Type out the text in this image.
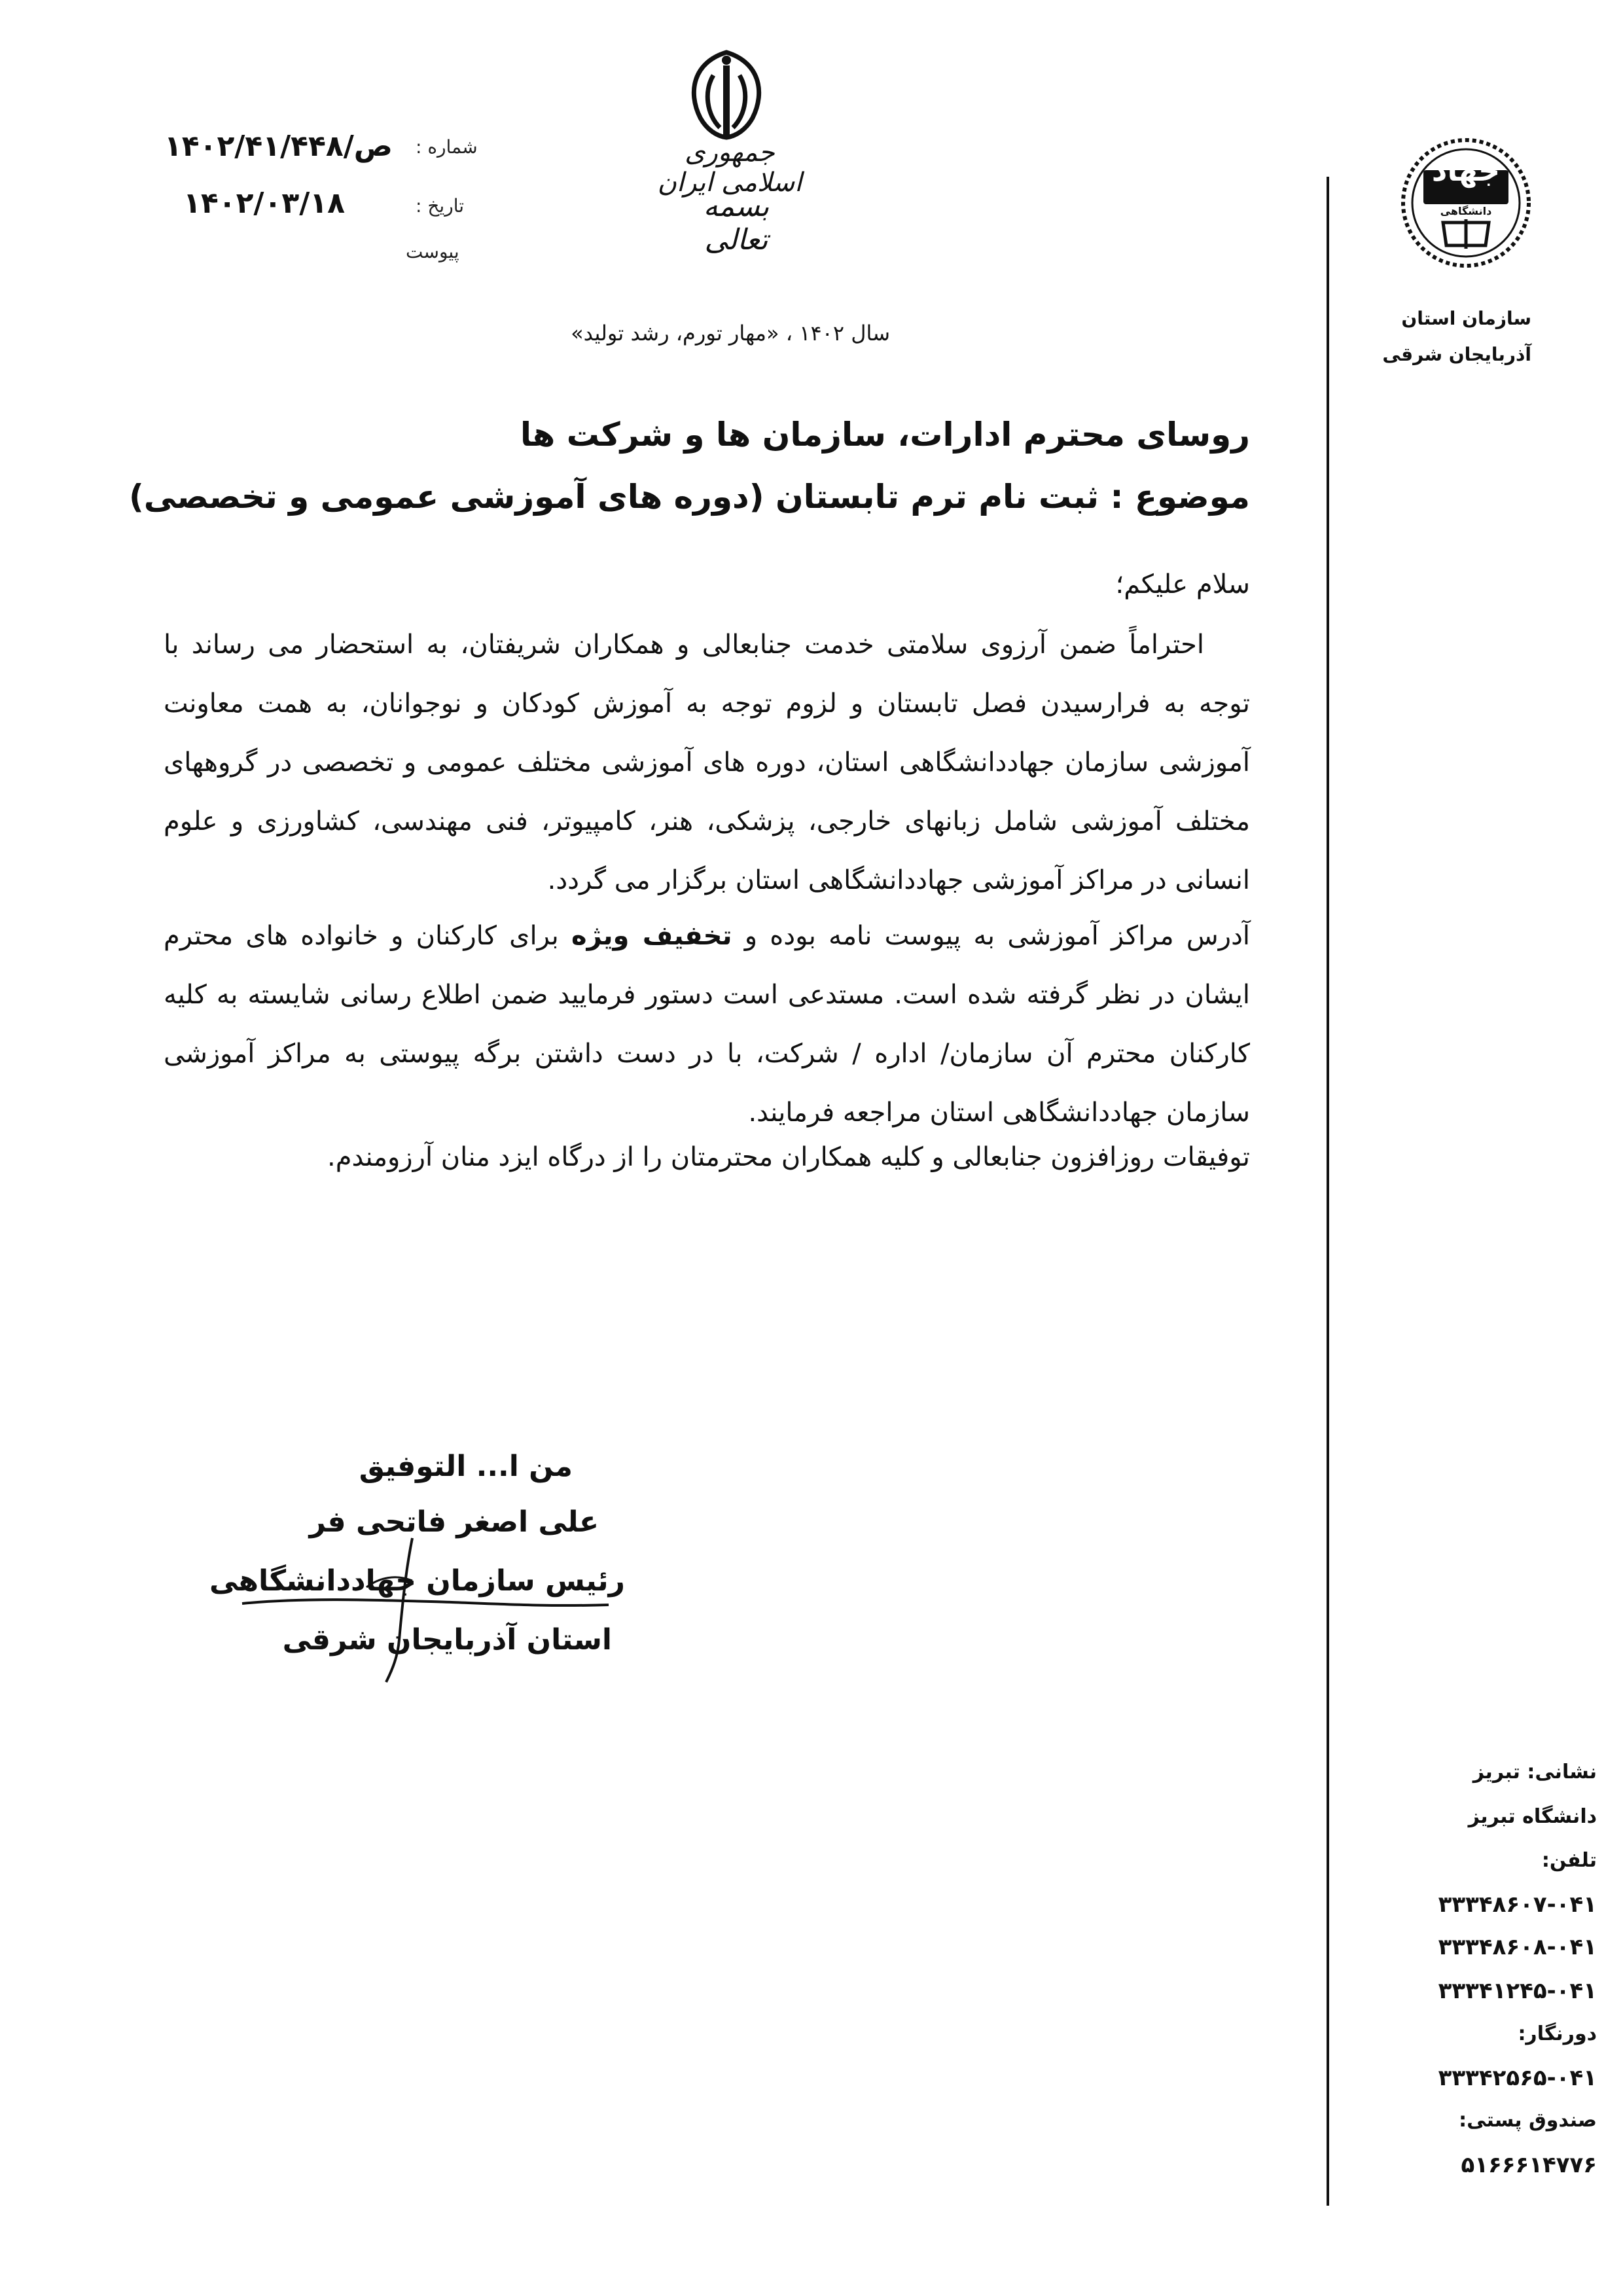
جمهوری اسلامی ایران
بسمه تعالی
شماره :
۱۴۰۲/۴۱/۴۴۸/ص
تاریخ :
۱۴۰۲/۰۳/۱۸
پیوست
سال ۱۴۰۲ ، «مهار تورم، رشد تولید»
جهاد
دانشگاهی
سازمان استان
آذربایجان شرقی
نشانی: تبریز
دانشگاه تبریز
تلفن:
۳۳۳۴۸۶۰۷-۰۴۱
۳۳۳۴۸۶۰۸-۰۴۱
۳۳۳۴۱۲۴۵-۰۴۱
دورنگار:
۳۳۳۴۲۵۶۵-۰۴۱
صندوق پستی:
۵۱۶۶۶۱۴۷۷۶
روسای محترم ادارات، سازمان ها و شرکت ها
موضوع : ثبت نام ترم تابستان (دوره های آموزشی عمومی و تخصصی)
سلام علیکم؛
احتراماً ضمن آرزوی سلامتی خدمت جنابعالی و همکاران شریفتان، به استحضار می رساند با توجه به فرارسیدن فصل تابستان و لزوم توجه به آموزش کودکان و نوجوانان، به همت معاونت آموزشی سازمان جهاددانشگاهی استان، دوره های آموزشی مختلف عمومی و تخصصی در گروههای مختلف آموزشی شامل زبانهای خارجی، پزشکی، هنر، کامپیوتر، فنی مهندسی، کشاورزی و علوم انسانی در مراکز آموزشی جهاددانشگاهی استان برگزار می گردد.
آدرس مراکز آموزشی به پیوست نامه بوده و تخفیف ویژه برای کارکنان و خانواده های محترم ایشان در نظر گرفته شده است. مستدعی است دستور فرمایید ضمن اطلاع رسانی شایسته به کلیه کارکنان محترم آن سازمان/ اداره / شرکت، با در دست داشتن برگه پیوستی به مراکز آموزشی سازمان جهاددانشگاهی استان مراجعه فرمایند.
توفیقات روزافزون جنابعالی و کلیه همکاران محترمتان را از درگاه ایزد منان آرزومندم.
من ا... التوفیق
علی اصغر فاتحی فر
رئیس سازمان جهاددانشگاهی
استان آذربایجان شرقی
